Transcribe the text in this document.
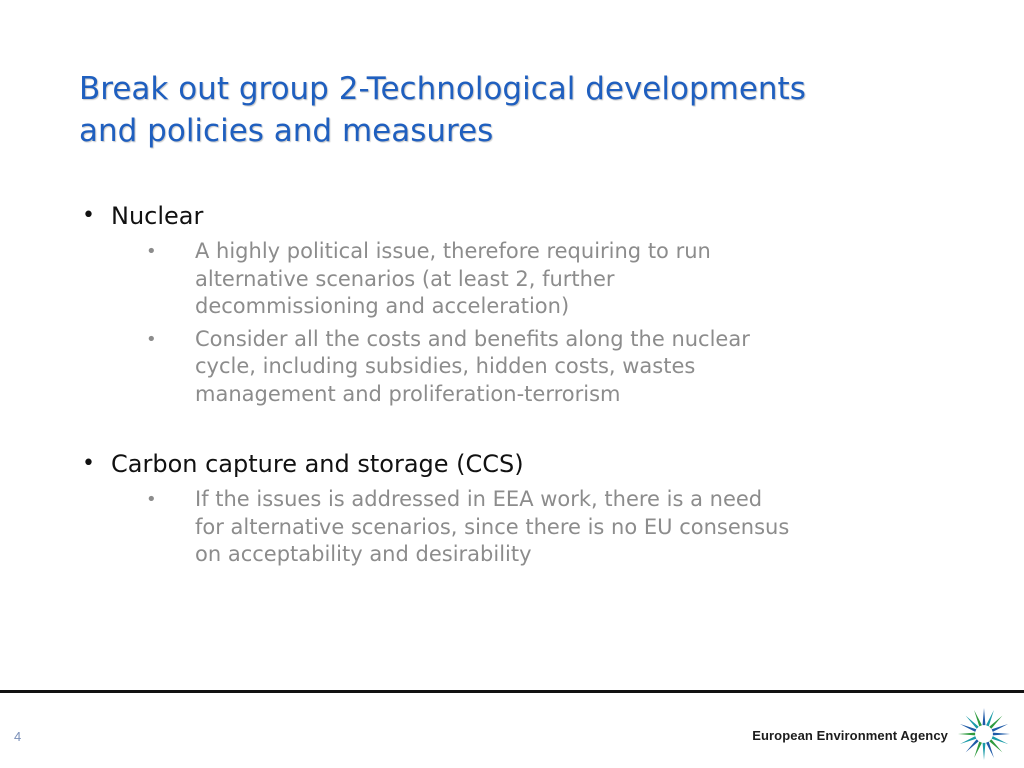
Break out group 2-Technological developments
and policies and measures
• Nuclear
• A highly political issue, therefore requiring to run
alternative scenarios (at least 2, further
decommissioning and acceleration)
• Consider all the costs and benefits along the nuclear
cycle, including subsidies, hidden costs, wastes
management and proliferation-terrorism
• Carbon capture and storage (CCS)
• If the issues is addressed in EEA work, there is a need
for alternative scenarios, since there is no EU consensus
on acceptability and desirability
4	European Environment Agency
